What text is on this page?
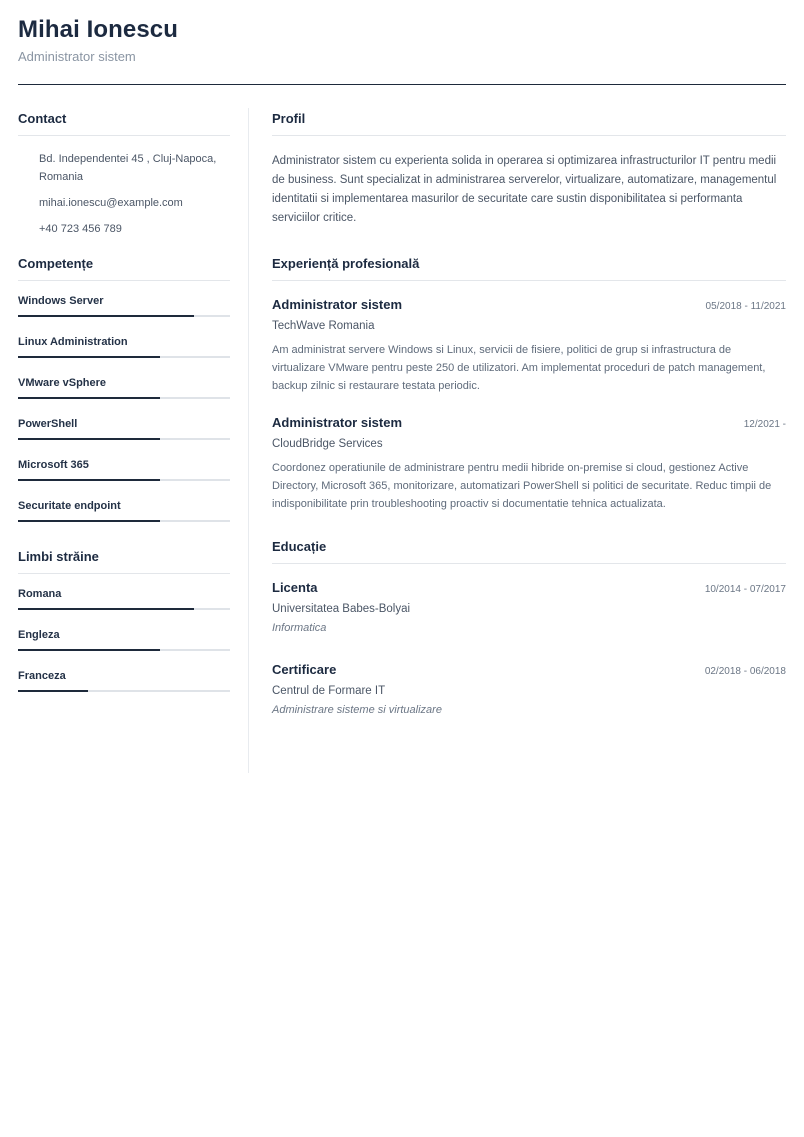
Mihai Ionescu
Administrator sistem
Contact
Bd. Independentei 45 , Cluj-Napoca, Romania
mihai.ionescu@example.com
+40 723 456 789
Competențe
Windows Server
Linux Administration
VMware vSphere
PowerShell
Microsoft 365
Securitate endpoint
Limbi străine
Romana
Engleza
Franceza
Profil

Administrator sistem cu experienta solida in operarea si optimizarea infrastructurilor IT pentru medii de business. Sunt specializat in administrarea serverelor, virtualizare, automatizare, managementul identitatii si implementarea masurilor de securitate care sustin disponibilitatea si performanta serviciilor critice.

Experiență profesională
Administrator sistem	05/2018 - 11/2021
TechWave Romania

Am administrat servere Windows si Linux, servicii de fisiere, politici de grup si infrastructura de virtualizare VMware pentru peste 250 de utilizatori. Am implementat proceduri de patch management, backup zilnic si restaurare testata periodic.

Administrator sistem	12/2021 -
CloudBridge Services

Coordonez operatiunile de administrare pentru medii hibride on-premise si cloud, gestionez Active Directory, Microsoft 365, monitorizare, automatizari PowerShell si politici de securitate. Reduc timpii de indisponibilitate prin troubleshooting proactiv si documentatie tehnica actualizata.

Educație
Licenta	10/2014 - 07/2017
Universitatea Babes-Bolyai
Informatica
Certificare	02/2018 - 06/2018
Centrul de Formare IT
Administrare sisteme si virtualizare
